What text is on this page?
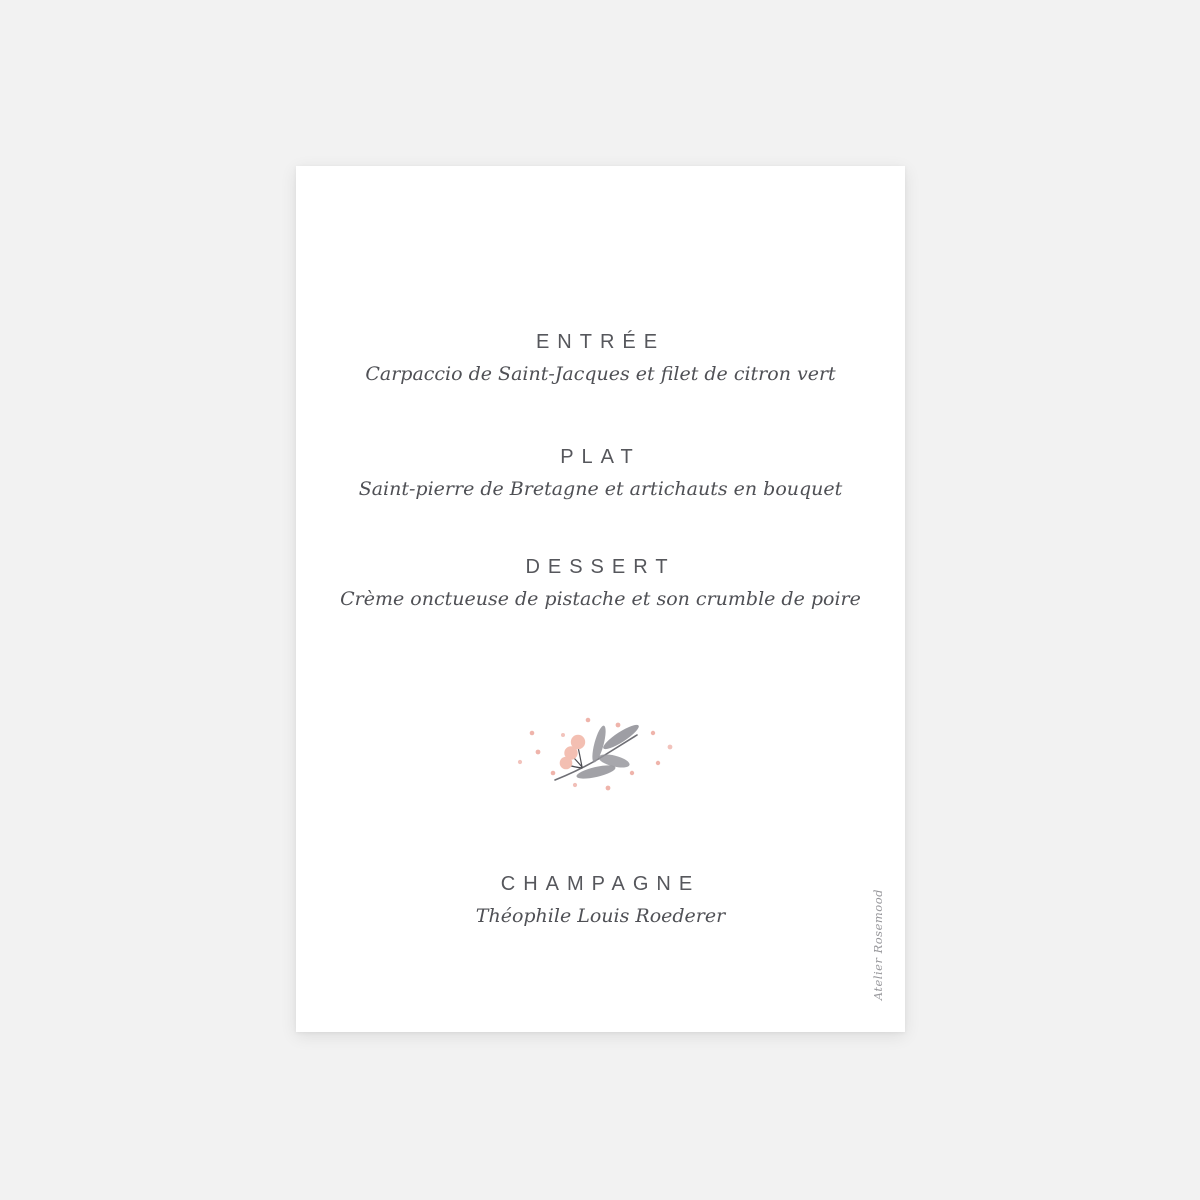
ENTRÉE
Carpaccio de Saint-Jacques et filet de citron vert
PLAT
Saint-pierre de Bretagne et artichauts en bouquet
DESSERT
Crème onctueuse de pistache et son crumble de poire
CHAMPAGNE
Théophile Louis Roederer	Atelier Rosemood
